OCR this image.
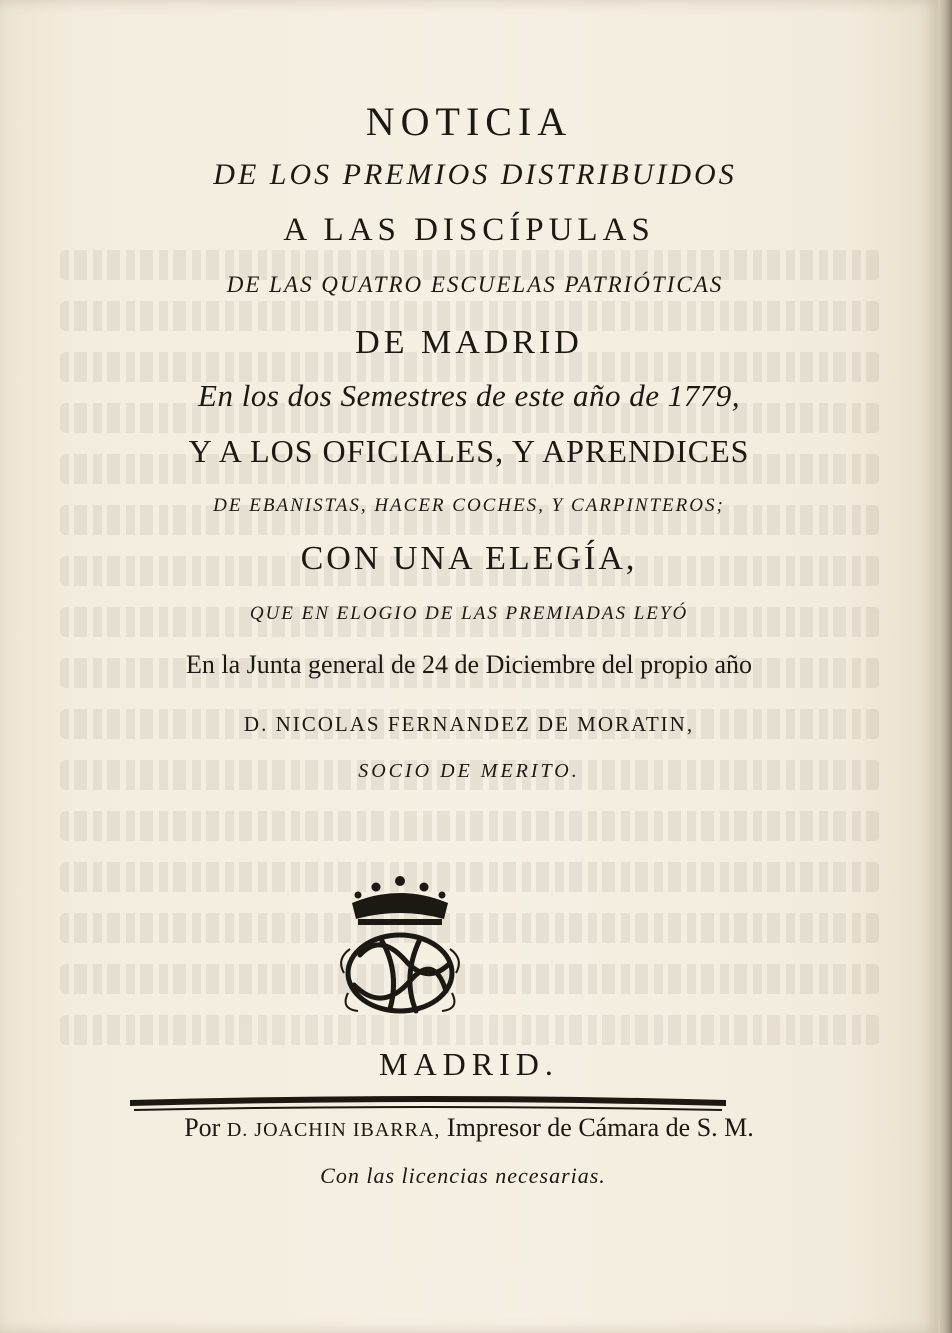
NOTICIA
DE LOS PREMIOS DISTRIBUIDOS
A LAS DISCÍPULAS
DE LAS QUATRO ESCUELAS PATRIÓTICAS
DE MADRID
En los dos Semestres de este año de 1779,
Y A LOS OFICIALES, Y APRENDICES
DE EBANISTAS, HACER COCHES, Y CARPINTEROS;
CON UNA ELEGÍA,
QUE EN ELOGIO DE LAS PREMIADAS LEYÓ
En la Junta general de 24 de Diciembre del propio año
D. NICOLAS FERNANDEZ DE MORATIN,
SOCIO DE MERITO.
MADRID.
Por D. JOACHIN IBARRA, Impresor de Cámara de S. M.
Con las licencias necesarias.
